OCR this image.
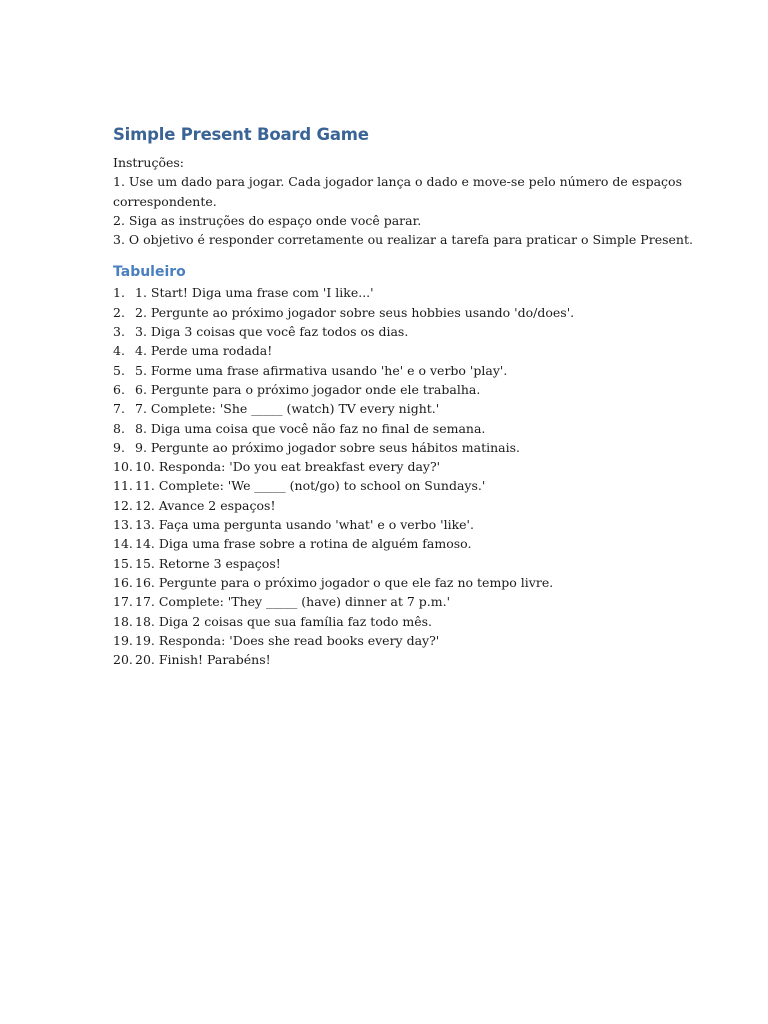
Simple Present Board Game

Instruções:

1. Use um dado para jogar. Cada jogador lança o dado e move-se pelo número de espaços

correspondente.

2. Siga as instruções do espaço onde você parar.

3. O objetivo é responder corretamente ou realizar a tarefa para praticar o Simple Present.

Tabuleiro
1. 1. Start! Diga uma frase com 'I like...'
2. 2. Pergunte ao próximo jogador sobre seus hobbies usando 'do/does'.
3. 3. Diga 3 coisas que você faz todos os dias.
4. 4. Perde uma rodada!
5. 5. Forme uma frase afirmativa usando 'he' e o verbo 'play'.
6. 6. Pergunte para o próximo jogador onde ele trabalha.
7. 7. Complete: 'She _____ (watch) TV every night.'
8. 8. Diga uma coisa que você não faz no final de semana.
9. 9. Pergunte ao próximo jogador sobre seus hábitos matinais.
10. 10. Responda: 'Do you eat breakfast every day?'
11. 11. Complete: 'We _____ (not/go) to school on Sundays.'
12. 12. Avance 2 espaços!
13. 13. Faça uma pergunta usando 'what' e o verbo 'like'.
14. 14. Diga uma frase sobre a rotina de alguém famoso.
15. 15. Retorne 3 espaços!
16. 16. Pergunte para o próximo jogador o que ele faz no tempo livre.
17. 17. Complete: 'They _____ (have) dinner at 7 p.m.'
18. 18. Diga 2 coisas que sua família faz todo mês.
19. 19. Responda: 'Does she read books every day?'
20. 20. Finish! Parabéns!
